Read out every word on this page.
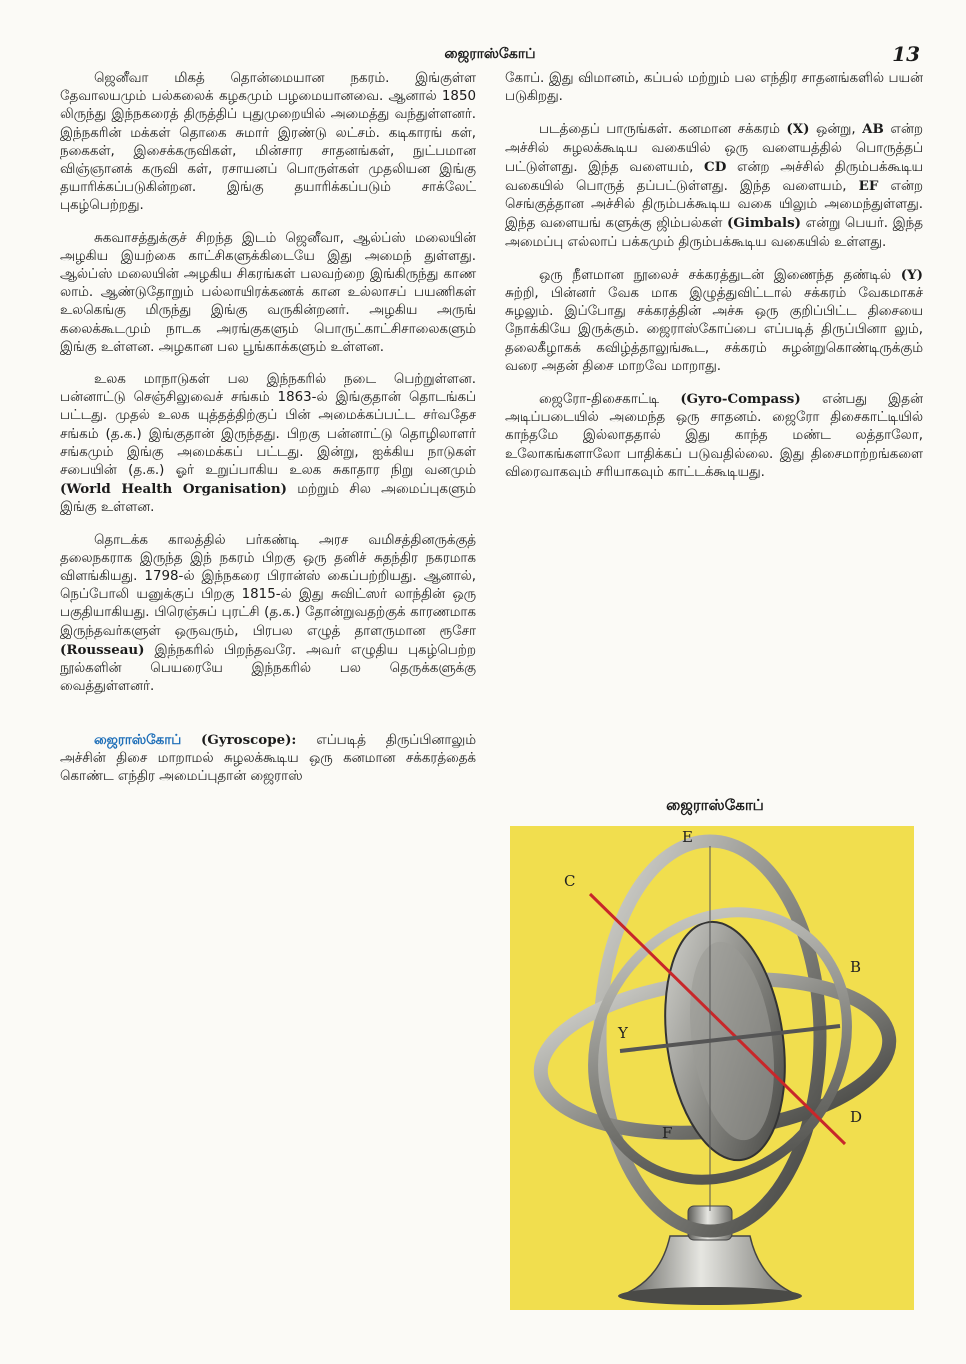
ஜைராஸ்கோப்	13

ஜெனீவா மிகத் தொன்மையான நகரம். இங்குள்ள தேவாலயமும் பல்கலைக் கழகமும் பழமையானவை. ஆனால் 1850 லிருந்து இந்நகரைத் திருத்திப் புதுமுறையில் அமைத்து வந்துள்ளனர். இந்நகரின் மக்கள் தொகை சுமார் இரண்டு லட்சம். கடிகாரங் கள், நகைகள், இசைக்கருவிகள், மின்சார சாதனங்கள், நுட்பமான விஞ்ஞானக் கருவி கள், ரசாயனப் பொருள்கள் முதலியன இங்கு தயாரிக்கப்படுகின்றன. இங்கு தயாரிக்கப்படும் சாக்லேட் புகழ்பெற்றது.

சுகவாசத்துக்குச் சிறந்த இடம் ஜெனீவா, ஆல்ப்ஸ் மலையின் அழகிய இயற்கை காட்சிகளுக்கிடையே இது அமைந் துள்ளது. ஆல்ப்ஸ் மலையின் அழகிய சிகரங்கள் பலவற்றை இங்கிருந்து காண லாம். ஆண்டுதோறும் பல்லாயிரக்கணக் கான உல்லாசப் பயணிகள் உலகெங்கு மிருந்து இங்கு வருகின்றனர். அழகிய அருங் கலைக்கூடமும் நாடக அரங்குகளும் பொருட்காட்சிசாலைகளும் இங்கு உள்ளன. அழகான பல பூங்காக்களும் உள்ளன.

உலக மாநாடுகள் பல இந்நகரில் நடை பெற்றுள்ளன. பன்னாட்டு செஞ்சிலுவைச் சங்கம் 1863-ல் இங்குதான் தொடங்கப் பட்டது. முதல் உலக யுத்தத்திற்குப் பின் அமைக்கப்பட்ட சர்வதேச சங்கம் (த.க.) இங்குதான் இருந்தது. பிறகு பன்னாட்டு தொழிலாளர் சங்கமும் இங்கு அமைக்கப் பட்டது. இன்று, ஐக்கிய நாடுகள் சபையின் (த.க.) ஓர் உறுப்பாகிய உலக சுகாதார நிறு வனமும் (World Health Organisation) மற்றும் சில அமைப்புகளும் இங்கு உள்ளன.

தொடக்க காலத்தில் பர்கண்டி அரச வமிசத்தினருக்குத் தலைநகராக இருந்த இந் நகரம் பிறகு ஒரு தனிச் சுதந்திர நகரமாக விளங்கியது. 1798-ல் இந்நகரை பிரான்ஸ் கைப்பற்றியது. ஆனால், நெப்போலி யனுக்குப் பிறகு 1815-ல் இது சுவிட்ஸர் லாந்தின் ஒரு பகுதியாகியது. பிரெஞ்சுப் புரட்சி (த.க.) தோன்றுவதற்குக் காரணமாக இருந்தவர்களுள் ஒருவரும், பிரபல எழுத் தாளருமான ரூசோ (Rousseau) இந்நகரில் பிறந்தவரே. அவர் எழுதிய புகழ்பெற்ற நூல்களின் பெயரையே இந்நகரில் பல தெருக்களுக்கு வைத்துள்ளனர்.

ஜைராஸ்கோப் (Gyroscope): எப்படித் திருப்பினாலும் அச்சின் திசை மாறாமல் சுழலக்கூடிய ஒரு கனமான சக்கரத்தைக் கொண்ட எந்திர அமைப்புதான் ஜைராஸ்

கோப். இது விமானம், கப்பல் மற்றும் பல எந்திர சாதனங்களில் பயன் படுகிறது.

படத்தைப் பாருங்கள். கனமான சக்கரம் (X) ஒன்று, AB என்ற அச்சில் சுழலக்கூடிய வகையில் ஒரு வளையத்தில் பொருத்தப் பட்டுள்ளது. இந்த வளையம், CD என்ற அச்சில் திரும்பக்கூடிய வகையில் பொருத் தப்பட்டுள்ளது. இந்த வளையம், EF என்ற செங்குத்தான அச்சில் திரும்பக்கூடிய வகை யிலும் அமைந்துள்ளது. இந்த வளையங் களுக்கு ஜிம்பல்கள் (Gimbals) என்று பெயர். இந்த அமைப்பு எல்லாப் பக்கமும் திரும்பக்கூடிய வகையில் உள்ளது.

ஒரு நீளமான நூலைச் சக்கரத்துடன் இணைந்த தண்டில் (Y) சுற்றி, பின்னர் வேக மாக இழுத்துவிட்டால் சக்கரம் வேகமாகச் சுழலும். இப்போது சக்கரத்தின் அச்சு ஒரு குறிப்பிட்ட திசையை நோக்கியே இருக்கும். ஜைராஸ்கோப்பை எப்படித் திருப்பினா லும், தலைகீழாகக் கவிழ்த்தாலுங்கூட, சக்கரம் சுழன்றுகொண்டிருக்கும் வரை அதன் திசை மாறவே மாறாது.

ஜைரோ-திசைகாட்டி (Gyro-Compass) என்பது இதன் அடிப்படையில் அமைந்த ஒரு சாதனம். ஜைரோ திசைகாட்டியில் காந்தமே இல்லாததால் இது காந்த மண்ட லத்தாலோ, உலோகங்களாலோ பாதிக்கப் படுவதில்லை. இது திசைமாற்றங்களை விரைவாகவும் சரியாகவும் காட்டக்கூடியது.

ஜைராஸ்கோப்
E
C
B
Y
F
D
